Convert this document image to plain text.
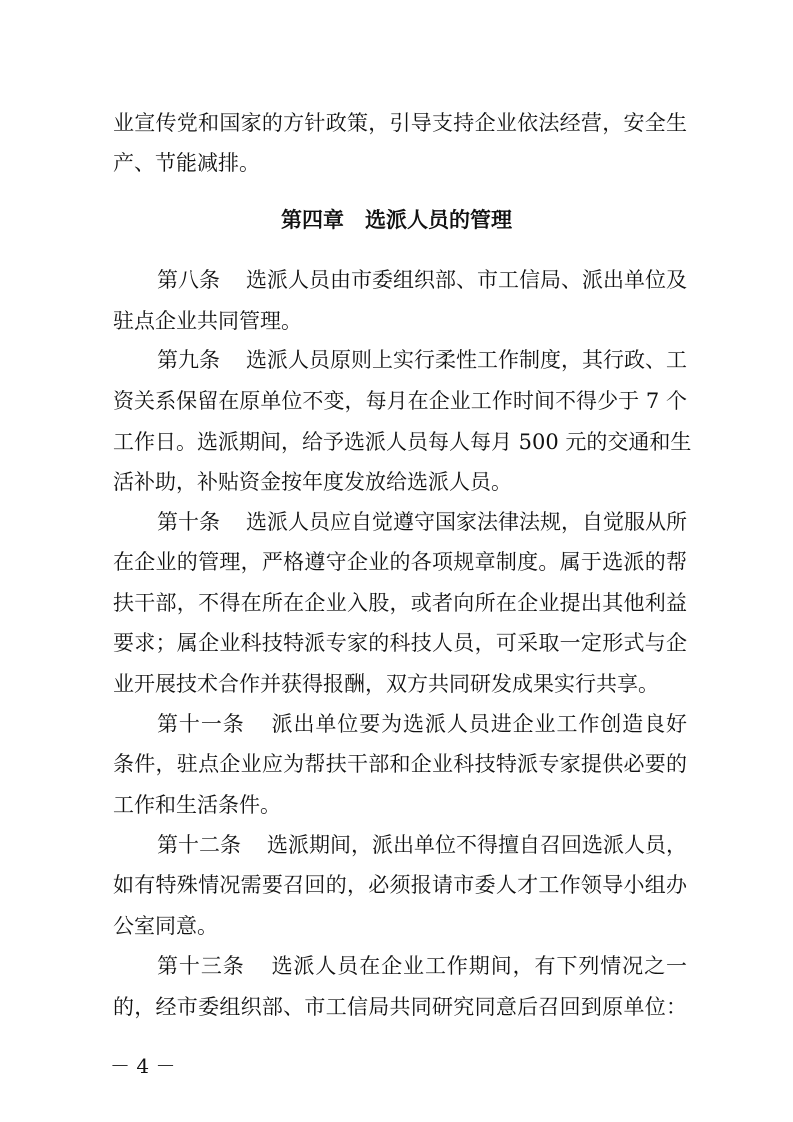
业宣传党和国家的方针政策，引导支持企业依法经营，安全生
产、节能减排。
第四章　选派人员的管理
第八条 选派人员由市委组织部、市工信局、派出单位及
驻点企业共同管理。
第九条 选派人员原则上实行柔性工作制度，其行政、工
资关系保留在原单位不变，每月在企业工作时间不得少于 7 个
工作日。选派期间，给予选派人员每人每月 500 元的交通和生
活补助，补贴资金按年度发放给选派人员。
第十条 选派人员应自觉遵守国家法律法规，自觉服从所
在企业的管理，严格遵守企业的各项规章制度。属于选派的帮
扶干部，不得在所在企业入股，或者向所在企业提出其他利益
要求；属企业科技特派专家的科技人员，可采取一定形式与企
业开展技术合作并获得报酬，双方共同研发成果实行共享。
第十一条 派出单位要为选派人员进企业工作创造良好
条件，驻点企业应为帮扶干部和企业科技特派专家提供必要的
工作和生活条件。
第十二条 选派期间，派出单位不得擅自召回选派人员，
如有特殊情况需要召回的，必须报请市委人才工作领导小组办
公室同意。
第十三条 选派人员在企业工作期间，有下列情况之一
的，经市委组织部、市工信局共同研究同意后召回到原单位：
－ 4 －
